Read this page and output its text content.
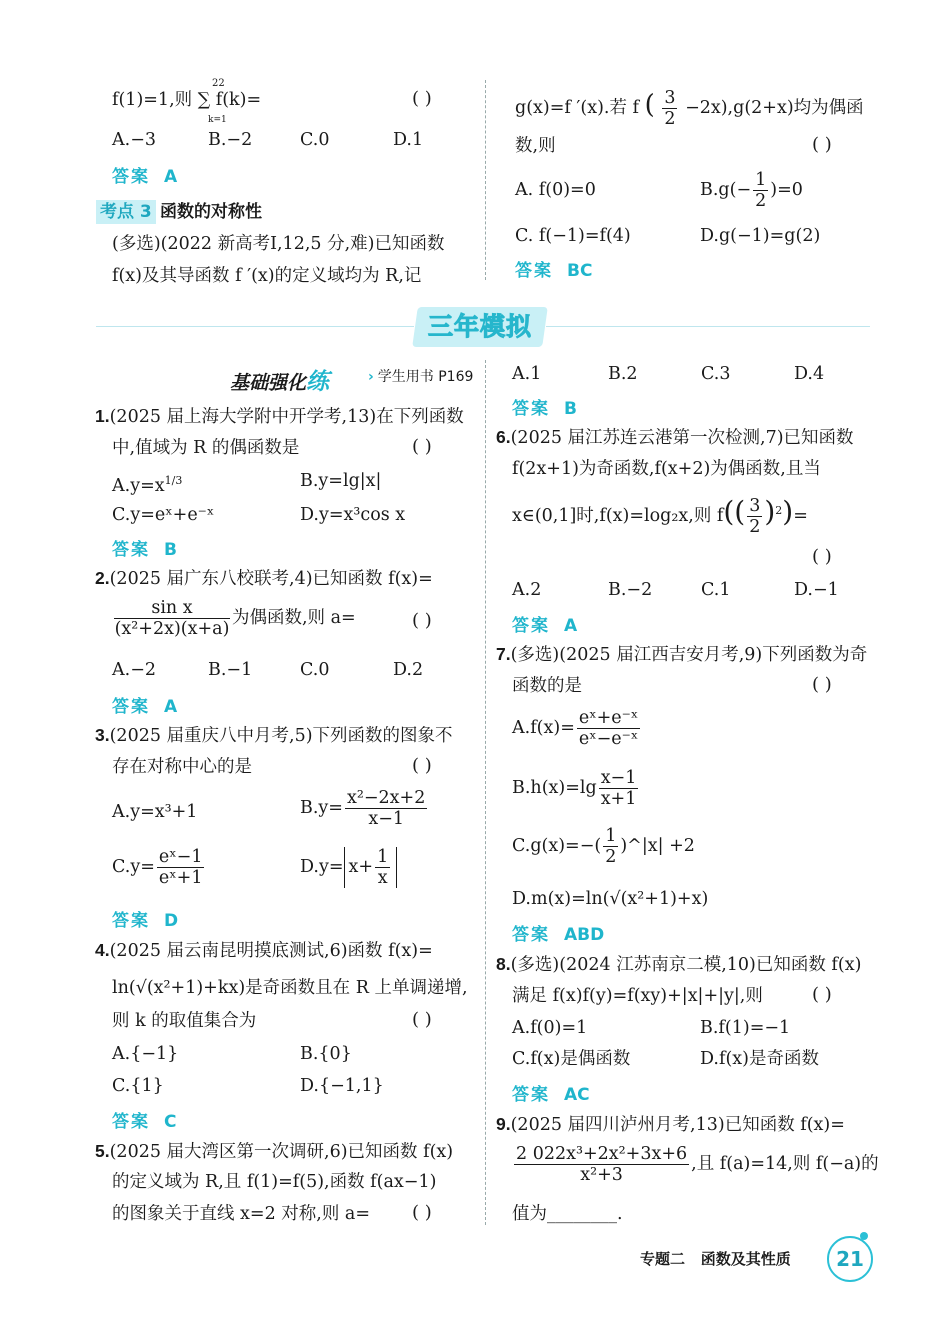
三年模拟
f(1)=1,则 ∑ f(k)=
22
k=1
( )
A.−3	B.−2	C.0	D.1
答案 A
考点 3 函数的对称性
(多选)(2022 新高考Ⅰ,12,5 分,难)已知函数
f(x)及其导函数 f ′(x)的定义域均为 R,记
g(x)=f ′(x).若 f ( $\frac{3}{2} -2x),g(2+x)$均为偶函
数,则	( )
A. f(0)=0	$B.g(- \frac{1}{2} )=0$
C. f(−1)=f(4)	D.g(−1)=g(2)
答案 BC
基础强化练	› 学生用书 P169
1.(2025 届上海大学附中开学考,13)在下列函数
中,值域为 R 的偶函数是	( )
$A.y=x^{1/3}$	B.y=lg|x|
C.y=eˣ+e⁻ˣ	D.y=x³cos x
答案 B
2.(2025 届广东八校联考,4)已知函数 f(x)=
$\frac{\text{sin x}}{\text{(x²+2x)(x+a)}}$ 为偶函数,则 a=	( )
A.−2	B.−1	C.0	D.2
答案 A
3.(2025 届重庆八中月考,5)下列函数的图象不
存在对称中心的是	( )
A.y=x³+1	$B.y= \frac{\text{x²−2x+2}}{x-1}$
$C.y= \frac{\text{eˣ−1}}{\text{eˣ+1}}$	$D.y= x+ \frac{1}{x}$
答案 D
4.(2025 届云南昆明摸底测试,6)函数 f(x)=
ln(√(x²+1)+kx)是奇函数且在 R 上单调递增,
则 k 的取值集合为	( )
A.{−1}	B.{0}
C.{1}	D.{−1,1}
答案 C
5.(2025 届大湾区第一次调研,6)已知函数 f(x)
的定义域为 R,且 f(1)=f(5),函数 f(ax−1)
的图象关于直线 x=2 对称,则 a= ( )
A.1	B.2	C.3	D.4
答案 B
6.(2025 届江苏连云港第一次检测,7)已知函数
f(2x+1)为奇函数,f(x+2)为偶函数,且当
x∈(0,1]时,f(x)=log₂x,则 $f(( \frac{3}{2} )^2)=$
( )
A.2	B.−2	C.1	D.−1
答案 A
7.(多选)(2025 届江西吉安月考,9)下列函数为奇
函数的是	( )
$A.f(x)= \frac{\text{eˣ+e⁻ˣ}}{\text{eˣ−e⁻ˣ}}$
$B.h(x)=\lg \frac{x-1}{x+1}$
$C.g(x)=-( \frac{1}{2}$ )^|x| +2
D.m(x)=ln(√(x²+1)+x)
答案 ABD
8.(多选)(2024 江苏南京二模,10)已知函数 f(x)
满足 f(x)f(y)=f(xy)+|x|+|y|,则	( )
A.f(0)=1	B.f(1)=−1
C.f(x)是偶函数	D.f(x)是奇函数
答案 AC
9.(2025 届四川泸州月考,13)已知函数 f(x)=
$\frac{\text{2 022x³+2x²+3x+6}}{\text{x²+3}}$ ,且 f(a)=14,则 f(−a)的
值为________.
专题二 函数及其性质	21
